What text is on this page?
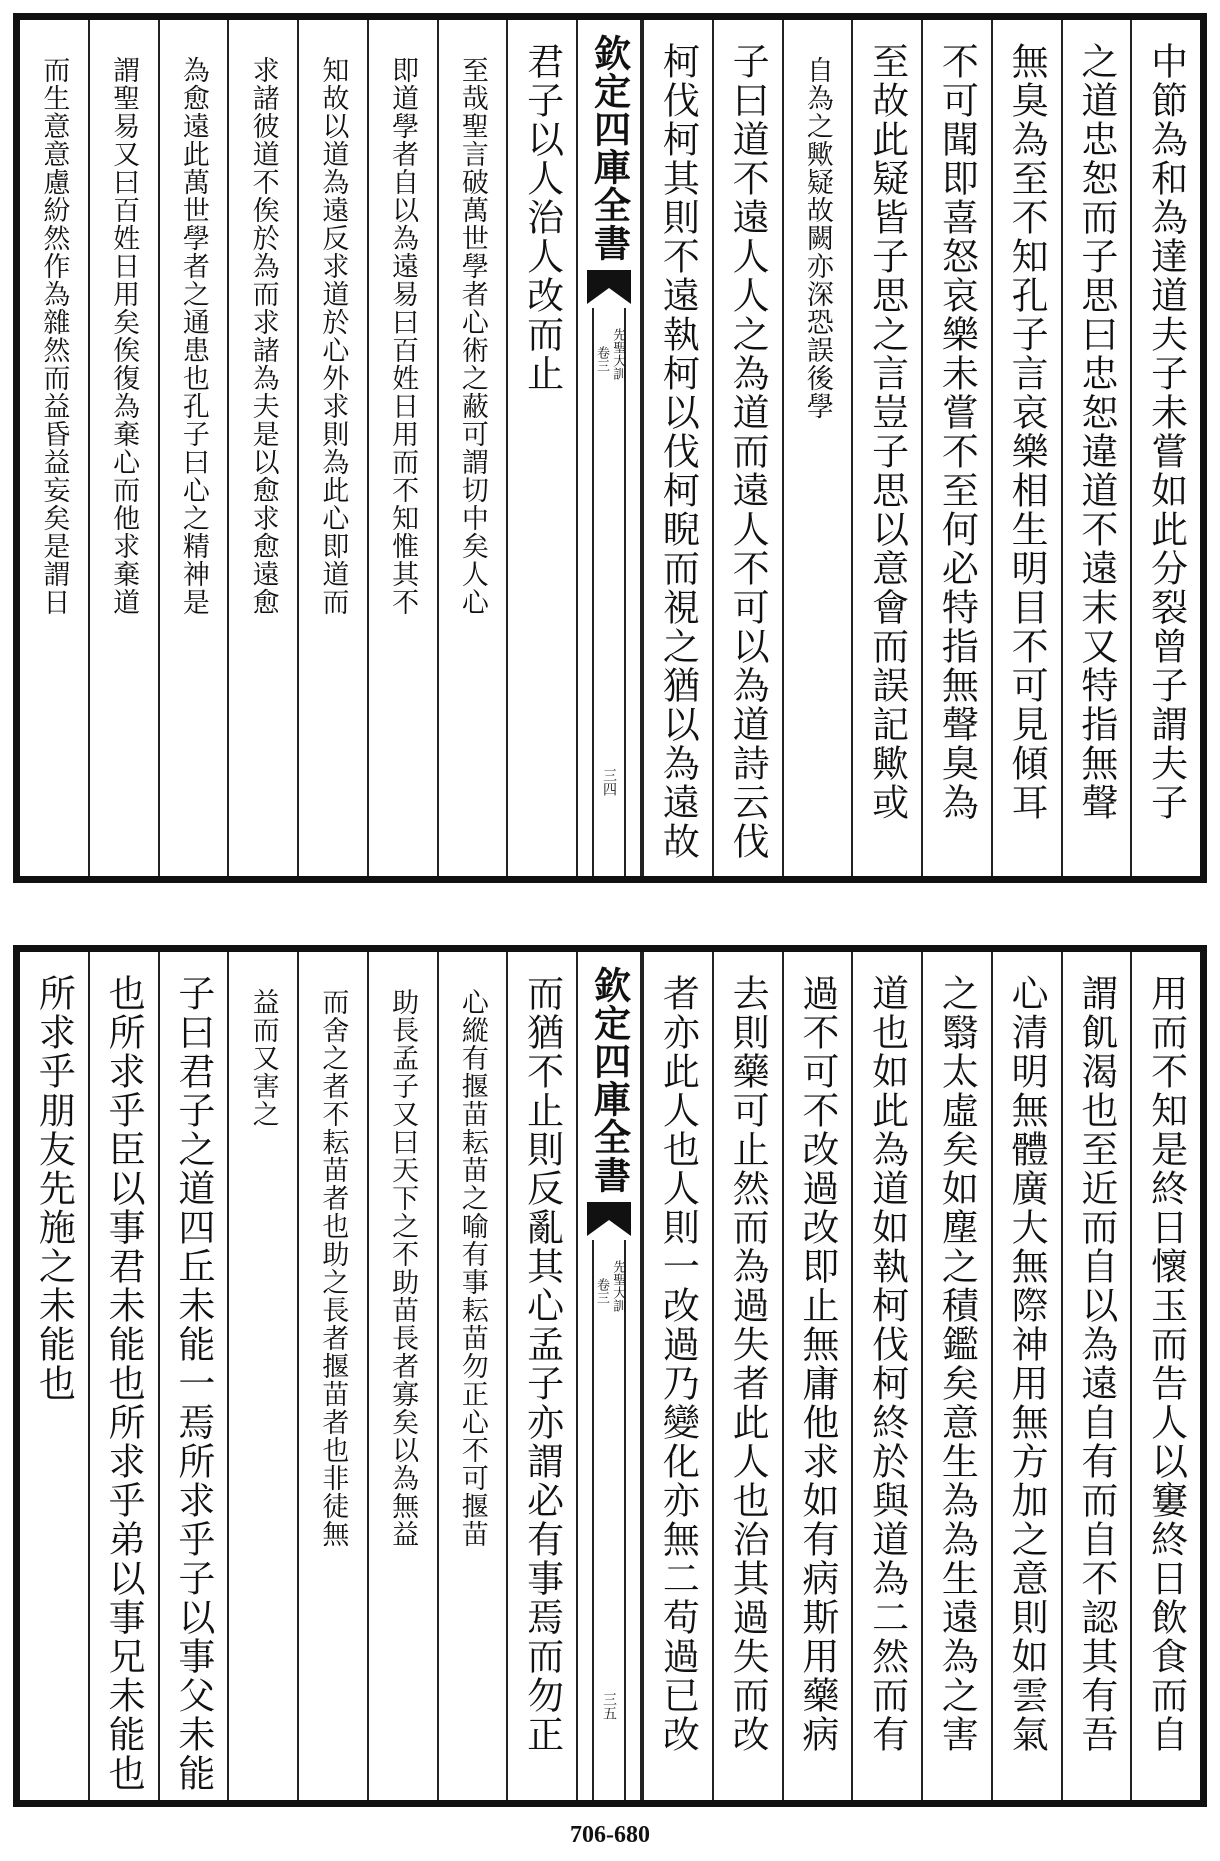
中節為和為達道夫子未嘗如此分裂曾子謂夫子
之道忠恕而子思曰忠恕違道不遠末又特指無聲
無臭為至不知孔子言哀樂相生明目不可見傾耳
不可聞即喜怒哀樂未嘗不至何必特指無聲臭為
至故此疑皆子思之言豈子思以意會而誤記歟或
自為之歟疑故闕亦深恐誤後學
子曰道不遠人人之為道而遠人不可以為道詩云伐
柯伐柯其則不遠執柯以伐柯睨而視之猶以為遠故
欽定四庫全書
先聖大訓
卷三
三四
君子以人治人改而止
至哉聖言破萬世學者心術之蔽可謂切中矣人心
即道學者自以為遠易曰百姓日用而不知惟其不
知故以道為遠反求道於心外求則為此心即道而
求諸彼道不俟於為而求諸為夫是以愈求愈遠愈
為愈遠此萬世學者之通患也孔子曰心之精神是
謂聖易又曰百姓日用矣俟復為棄心而他求棄道
而生意意慮紛然作為雜然而益昏益妄矣是謂日
用而不知是終日懷玉而告人以窶終日飲食而自
謂飢渴也至近而自以為遠自有而自不認其有吾
心清明無體廣大無際神用無方加之意則如雲氣
之翳太虛矣如塵之積鑑矣意生為為生遠為之害
道也如此為道如執柯伐柯終於與道為二然而有
過不可不改過改即止無庸他求如有病斯用藥病
去則藥可止然而為過失者此人也治其過失而改
者亦此人也人則一改過乃變化亦無二苟過已改
欽定四庫全書
先聖大訓
卷三
三五
而猶不止則反亂其心孟子亦謂必有事焉而勿正
心縱有揠苗耘苗之喻有事耘苗勿正心不可揠苗
助長孟子又曰天下之不助苗長者寡矣以為無益
而舍之者不耘苗者也助之長者揠苗者也非徒無
益而又害之
子曰君子之道四丘未能一焉所求乎子以事父未能
也所求乎臣以事君未能也所求乎弟以事兄未能也
所求乎朋友先施之未能也
706-680
